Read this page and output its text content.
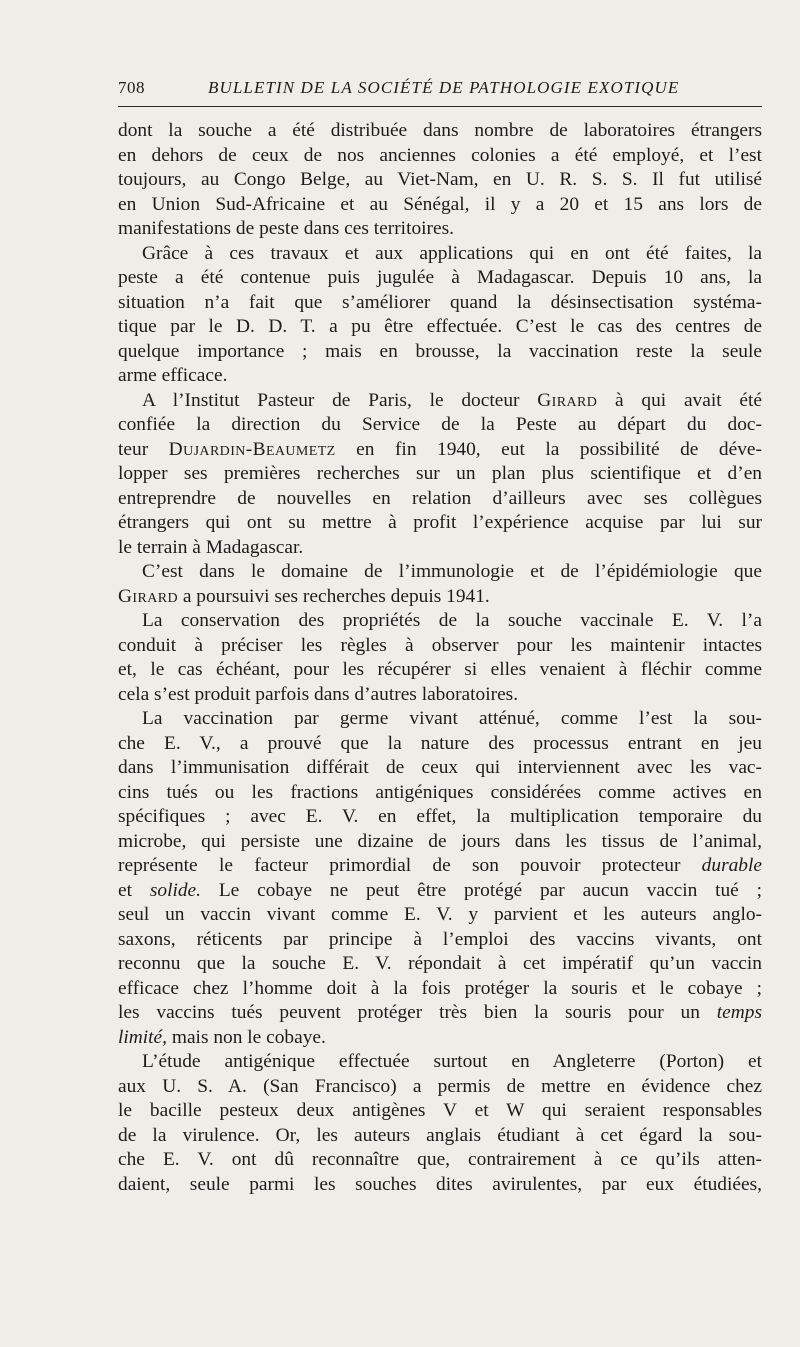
708	BULLETIN DE LA SOCIÉTÉ DE PATHOLOGIE EXOTIQUE

dont la souche a été distribuée dans nombre de laboratoires étrangers
en dehors de ceux de nos anciennes colonies a été employé, et l’est
toujours, au Congo Belge, au Viet-Nam, en U. R. S. S. Il fut utilisé
en Union Sud-Africaine et au Sénégal, il y a 20 et 15 ans lors de
manifestations de peste dans ces territoires.

Grâce à ces travaux et aux applications qui en ont été faites, la
peste a été contenue puis jugulée à Madagascar. Depuis 10 ans, la
situation n’a fait que s’améliorer quand la désinsectisation systéma-
tique par le D. D. T. a pu être effectuée. C’est le cas des centres de
quelque importance ; mais en brousse, la vaccination reste la seule
arme efficace.

A l’Institut Pasteur de Paris, le docteur Girard à qui avait été
confiée la direction du Service de la Peste au départ du doc-
teur Dujardin-Beaumetz en fin 1940, eut la possibilité de déve-
lopper ses premières recherches sur un plan plus scientifique et d’en
entreprendre de nouvelles en relation d’ailleurs avec ses collègues
étrangers qui ont su mettre à profit l’expérience acquise par lui sur
le terrain à Madagascar.

C’est dans le domaine de l’immunologie et de l’épidémiologie que
Girard a poursuivi ses recherches depuis 1941.

La conservation des propriétés de la souche vaccinale E. V. l’a
conduit à préciser les règles à observer pour les maintenir intactes
et, le cas échéant, pour les récupérer si elles venaient à fléchir comme
cela s’est produit parfois dans d’autres laboratoires.

La vaccination par germe vivant atténué, comme l’est la sou-
che E. V., a prouvé que la nature des processus entrant en jeu
dans l’immunisation différait de ceux qui interviennent avec les vac-
cins tués ou les fractions antigéniques considérées comme actives en
spécifiques ; avec E. V. en effet, la multiplication temporaire du
microbe, qui persiste une dizaine de jours dans les tissus de l’animal,
représente le facteur primordial de son pouvoir protecteur durable
et solide. Le cobaye ne peut être protégé par aucun vaccin tué ;
seul un vaccin vivant comme E. V. y parvient et les auteurs anglo-
saxons, réticents par principe à l’emploi des vaccins vivants, ont
reconnu que la souche E. V. répondait à cet impératif qu’un vaccin
efficace chez l’homme doit à la fois protéger la souris et le cobaye ;
les vaccins tués peuvent protéger très bien la souris pour un temps
limité, mais non le cobaye.

L’étude antigénique effectuée surtout en Angleterre (Porton) et
aux U. S. A. (San Francisco) a permis de mettre en évidence chez
le bacille pesteux deux antigènes V et W qui seraient responsables
de la virulence. Or, les auteurs anglais étudiant à cet égard la sou-
che E. V. ont dû reconnaître que, contrairement à ce qu’ils atten-
daient, seule parmi les souches dites avirulentes, par eux étudiées,
